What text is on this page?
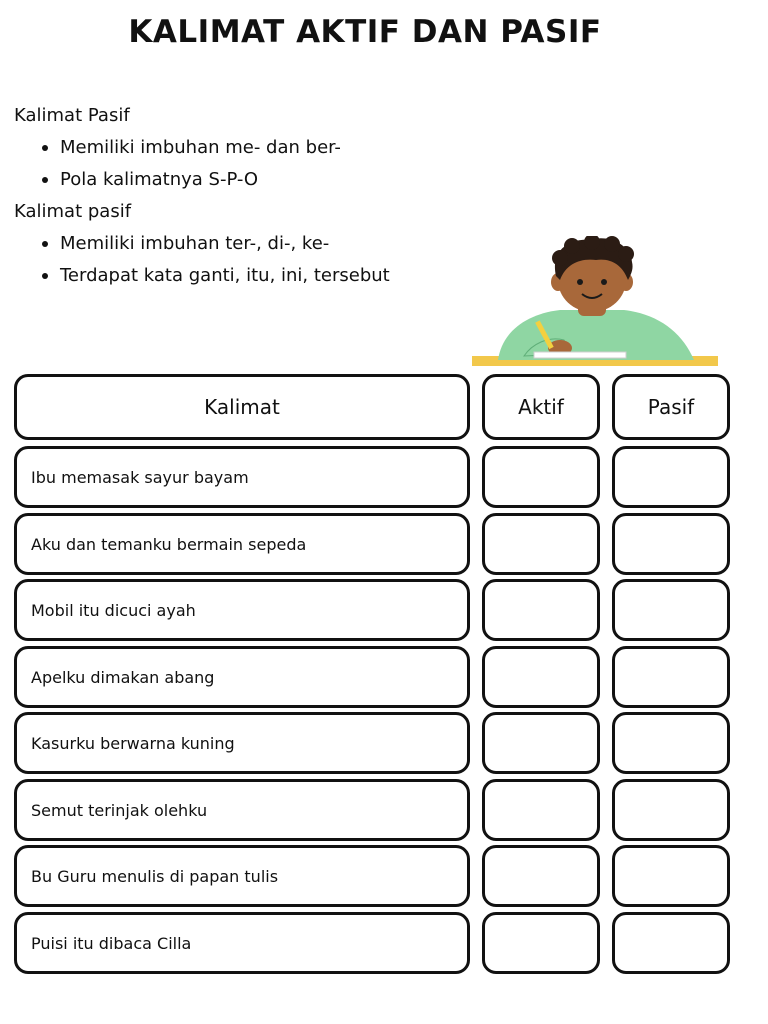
KALIMAT AKTIF DAN PASIF
Kalimat Pasif
Memiliki imbuhan me- dan ber-
Pola kalimatnya S-P-O
Kalimat pasif
Memiliki imbuhan ter-, di-, ke-
Terdapat kata ganti, itu, ini, tersebut
Kalimat	Aktif	Pasif
Ibu memasak sayur bayam
Aku dan temanku bermain sepeda
Mobil itu dicuci ayah
Apelku dimakan abang
Kasurku berwarna kuning
Semut terinjak olehku
Bu Guru menulis di papan tulis
Puisi itu dibaca Cilla
